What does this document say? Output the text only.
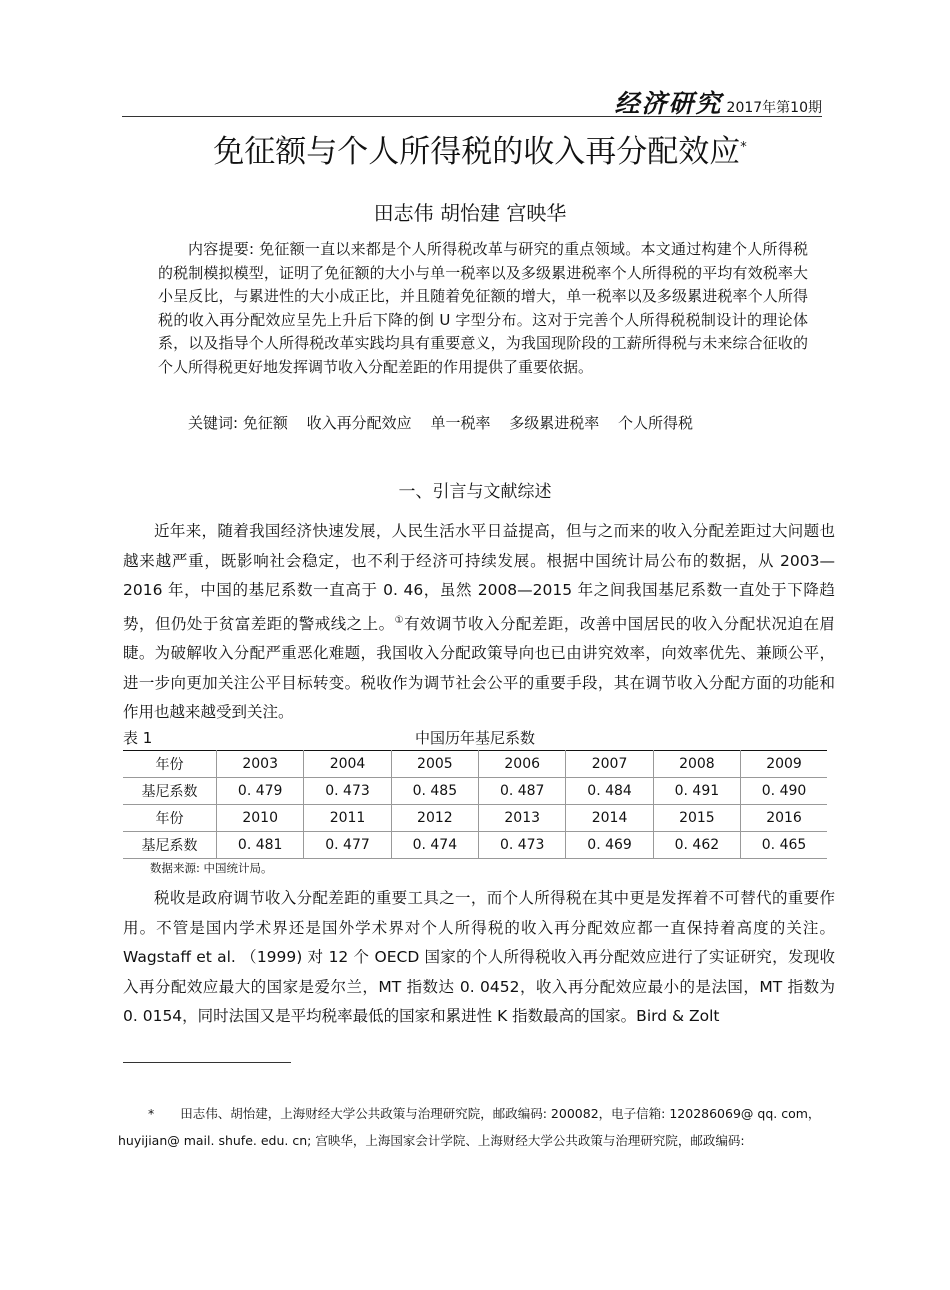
经济研究 2017年第10期
免征额与个人所得税的收入再分配效应*
田志伟 胡怡建 宫映华
内容提要: 免征额一直以来都是个人所得税改革与研究的重点领域。本文通过构建个人所得税的税制模拟模型，证明了免征额的大小与单一税率以及多级累进税率个人所得税的平均有效税率大小呈反比，与累进性的大小成正比，并且随着免征额的增大，单一税率以及多级累进税率个人所得税的收入再分配效应呈先上升后下降的倒 U 字型分布。这对于完善个人所得税税制设计的理论体系，以及指导个人所得税改革实践均具有重要意义，为我国现阶段的工薪所得税与未来综合征收的个人所得税更好地发挥调节收入分配差距的作用提供了重要依据。
关键词: 免征额 收入再分配效应 单一税率 多级累进税率 个人所得税
一、引言与文献综述
近年来，随着我国经济快速发展，人民生活水平日益提高，但与之而来的收入分配差距过大问题也越来越严重，既影响社会稳定，也不利于经济可持续发展。根据中国统计局公布的数据，从 2003—2016 年，中国的基尼系数一直高于 0. 46，虽然 2008—2015 年之间我国基尼系数一直处于下降趋势，但仍处于贫富差距的警戒线之上。①有效调节收入分配差距，改善中国居民的收入分配状况迫在眉睫。为破解收入分配严重恶化难题，我国收入分配政策导向也已由讲究效率，向效率优先、兼顾公平，进一步向更加关注公平目标转变。税收作为调节社会公平的重要手段，其在调节收入分配方面的功能和作用也越来越受到关注。
表 1	中国历年基尼系数
年份	2003	2004	2005	2006	2007	2008	2009
基尼系数	0. 479	0. 473	0. 485	0. 487	0. 484	0. 491	0. 490
年份	2010	2011	2012	2013	2014	2015	2016
基尼系数	0. 481	0. 477	0. 474	0. 473	0. 469	0. 462	0. 465
数据来源: 中国统计局。
税收是政府调节收入分配差距的重要工具之一，而个人所得税在其中更是发挥着不可替代的重要作用。不管是国内学术界还是国外学术界对个人所得税的收入再分配效应都一直保持着高度的关注。Wagstaff et al. （1999) 对 12 个 OECD 国家的个人所得税收入再分配效应进行了实证研究，发现收入再分配效应最大的国家是爱尔兰，MT 指数达 0. 0452，收入再分配效应最小的是法国，MT 指数为 0. 0154，同时法国又是平均税率最低的国家和累进性 K 指数最高的国家。Bird & Zolt
* 田志伟、胡怡建，上海财经大学公共政策与治理研究院，邮政编码: 200082，电子信箱: 120286069@ qq. com，huyijian@ mail. shufe. edu. cn; 宫映华，上海国家会计学院、上海财经大学公共政策与治理研究院，邮政编码:
